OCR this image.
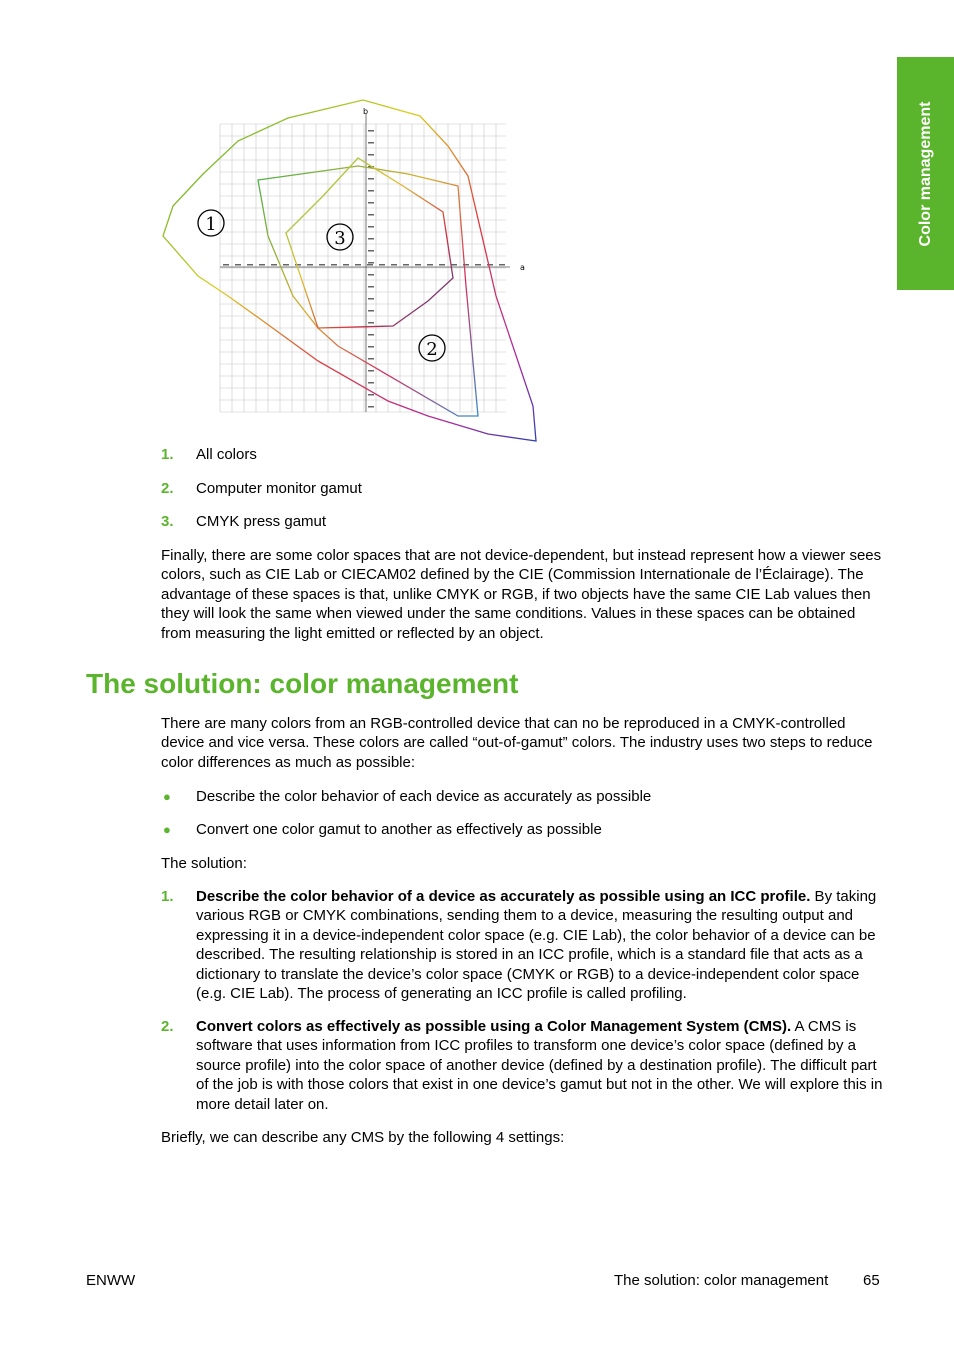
Color management
b
a
1
2
3
1. All colors
2. Computer monitor gamut
3. CMYK press gamut

Finally, there are some color spaces that are not device-dependent, but instead represent how a viewer sees colors, such as CIE Lab or CIECAM02 defined by the CIE (Commission Internationale de l’Éclairage). The advantage of these spaces is that, unlike CMYK or RGB, if two objects have the same CIE Lab values then they will look the same when viewed under the same conditions. Values in these spaces can be obtained from measuring the light emitted or reflected by an object.

The solution: color management

There are many colors from an RGB-controlled device that can no be reproduced in a CMYK-controlled device and vice versa. These colors are called “out-of-gamut” colors. The industry uses two steps to reduce color differences as much as possible:

● Describe the color behavior of each device as accurately as possible
● Convert one color gamut to another as effectively as possible

The solution:

1. Describe the color behavior of a device as accurately as possible using an ICC profile. By taking various RGB or CMYK combinations, sending them to a device, measuring the resulting output and expressing it in a device-independent color space (e.g. CIE Lab), the color behavior of a device can be described. The resulting relationship is stored in an ICC profile, which is a standard file that acts as a dictionary to translate the device’s color space (CMYK or RGB) to a device-independent color space (e.g. CIE Lab). The process of generating an ICC profile is called profiling.
2. Convert colors as effectively as possible using a Color Management System (CMS). A CMS is software that uses information from ICC profiles to transform one device’s color space (defined by a source profile) into the color space of another device (defined by a destination profile). The difficult part of the job is with those colors that exist in one device’s gamut but not in the other. We will explore this in more detail later on.

Briefly, we can describe any CMS by the following 4 settings:

ENWW	The solution: color management 65
